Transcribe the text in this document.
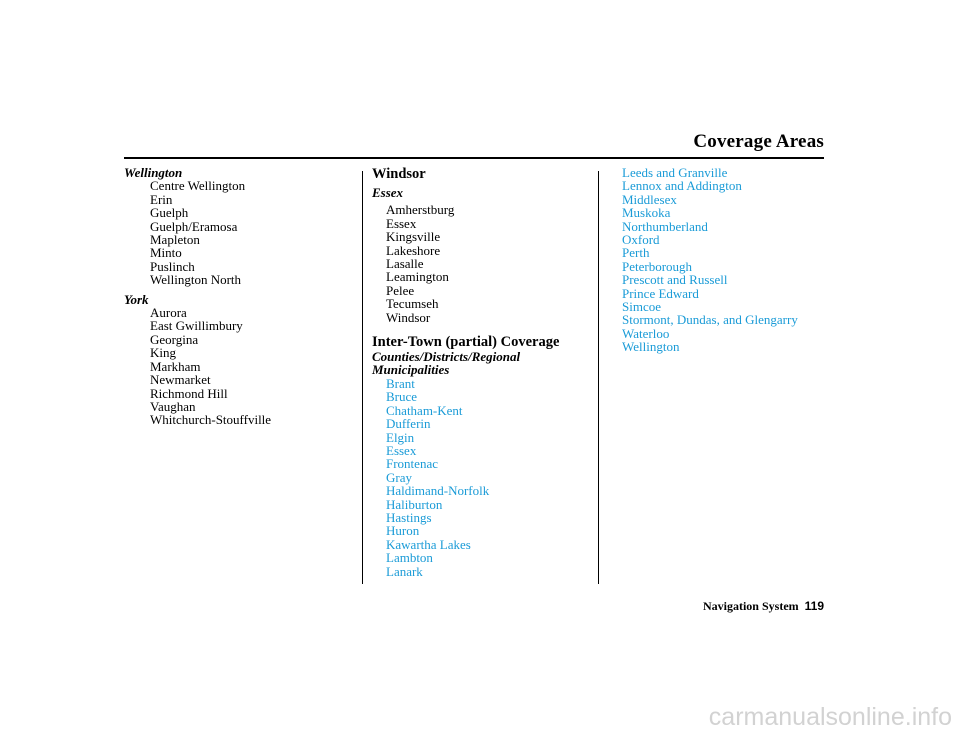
Coverage Areas
Wellington
Centre Wellington
Erin
Guelph
Guelph/Eramosa
Mapleton
Minto
Puslinch
Wellington North
York
Aurora
East Gwillimbury
Georgina
King
Markham
Newmarket
Richmond Hill
Vaughan
Whitchurch-Stouffville
Windsor
Essex
Amherstburg
Essex
Kingsville
Lakeshore
Lasalle
Leamington
Pelee
Tecumseh
Windsor
Inter-Town (partial) Coverage
Counties/Districts/Regional
Municipalities
Brant
Bruce
Chatham-Kent
Dufferin
Elgin
Essex
Frontenac
Gray
Haldimand-Norfolk
Haliburton
Hastings
Huron
Kawartha Lakes
Lambton
Lanark
Leeds and Granville
Lennox and Addington
Middlesex
Muskoka
Northumberland
Oxford
Perth
Peterborough
Prescott and Russell
Prince Edward
Simcoe
Stormont, Dundas, and Glengarry
Waterloo
Wellington
Navigation System 119
carmanualsonline.info
